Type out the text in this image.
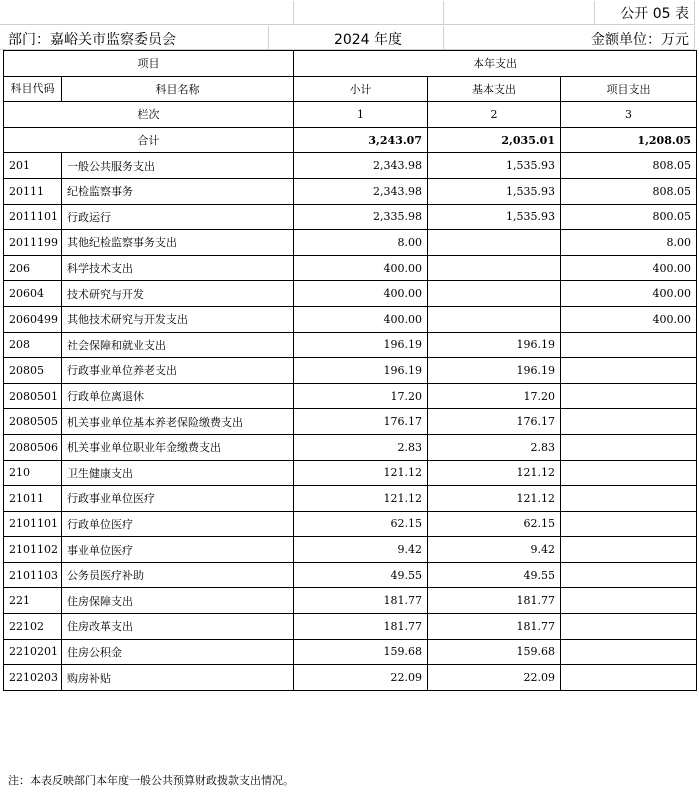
公开 05 表
部门：嘉峪关市监察委员会	2024 年度	金额单位：万元
项目		本年支出		
科目代码	科目名称	小计	基本支出	项目支出
栏次		1	2	3
合计		3,243.07	2,035.01	1,208.05
201	一般公共服务支出	2,343.98	1,535.93	808.05
20111	纪检监察事务	2,343.98	1,535.93	808.05
2011101	行政运行	2,335.98	1,535.93	800.05
2011199	其他纪检监察事务支出	8.00		8.00
206	科学技术支出	400.00		400.00
20604	技术研究与开发	400.00		400.00
2060499	其他技术研究与开发支出	400.00		400.00
208	社会保障和就业支出	196.19	196.19	
20805	行政事业单位养老支出	196.19	196.19	
2080501	行政单位离退休	17.20	17.20	
2080505	机关事业单位基本养老保险缴费支出	176.17	176.17	
2080506	机关事业单位职业年金缴费支出	2.83	2.83	
210	卫生健康支出	121.12	121.12	
21011	行政事业单位医疗	121.12	121.12	
2101101	行政单位医疗	62.15	62.15	
2101102	事业单位医疗	9.42	9.42	
2101103	公务员医疗补助	49.55	49.55	
221	住房保障支出	181.77	181.77	
22102	住房改革支出	181.77	181.77	
2210201	住房公积金	159.68	159.68	
2210203	购房补贴	22.09	22.09	
注：本表反映部门本年度一般公共预算财政拨款支出情况。
